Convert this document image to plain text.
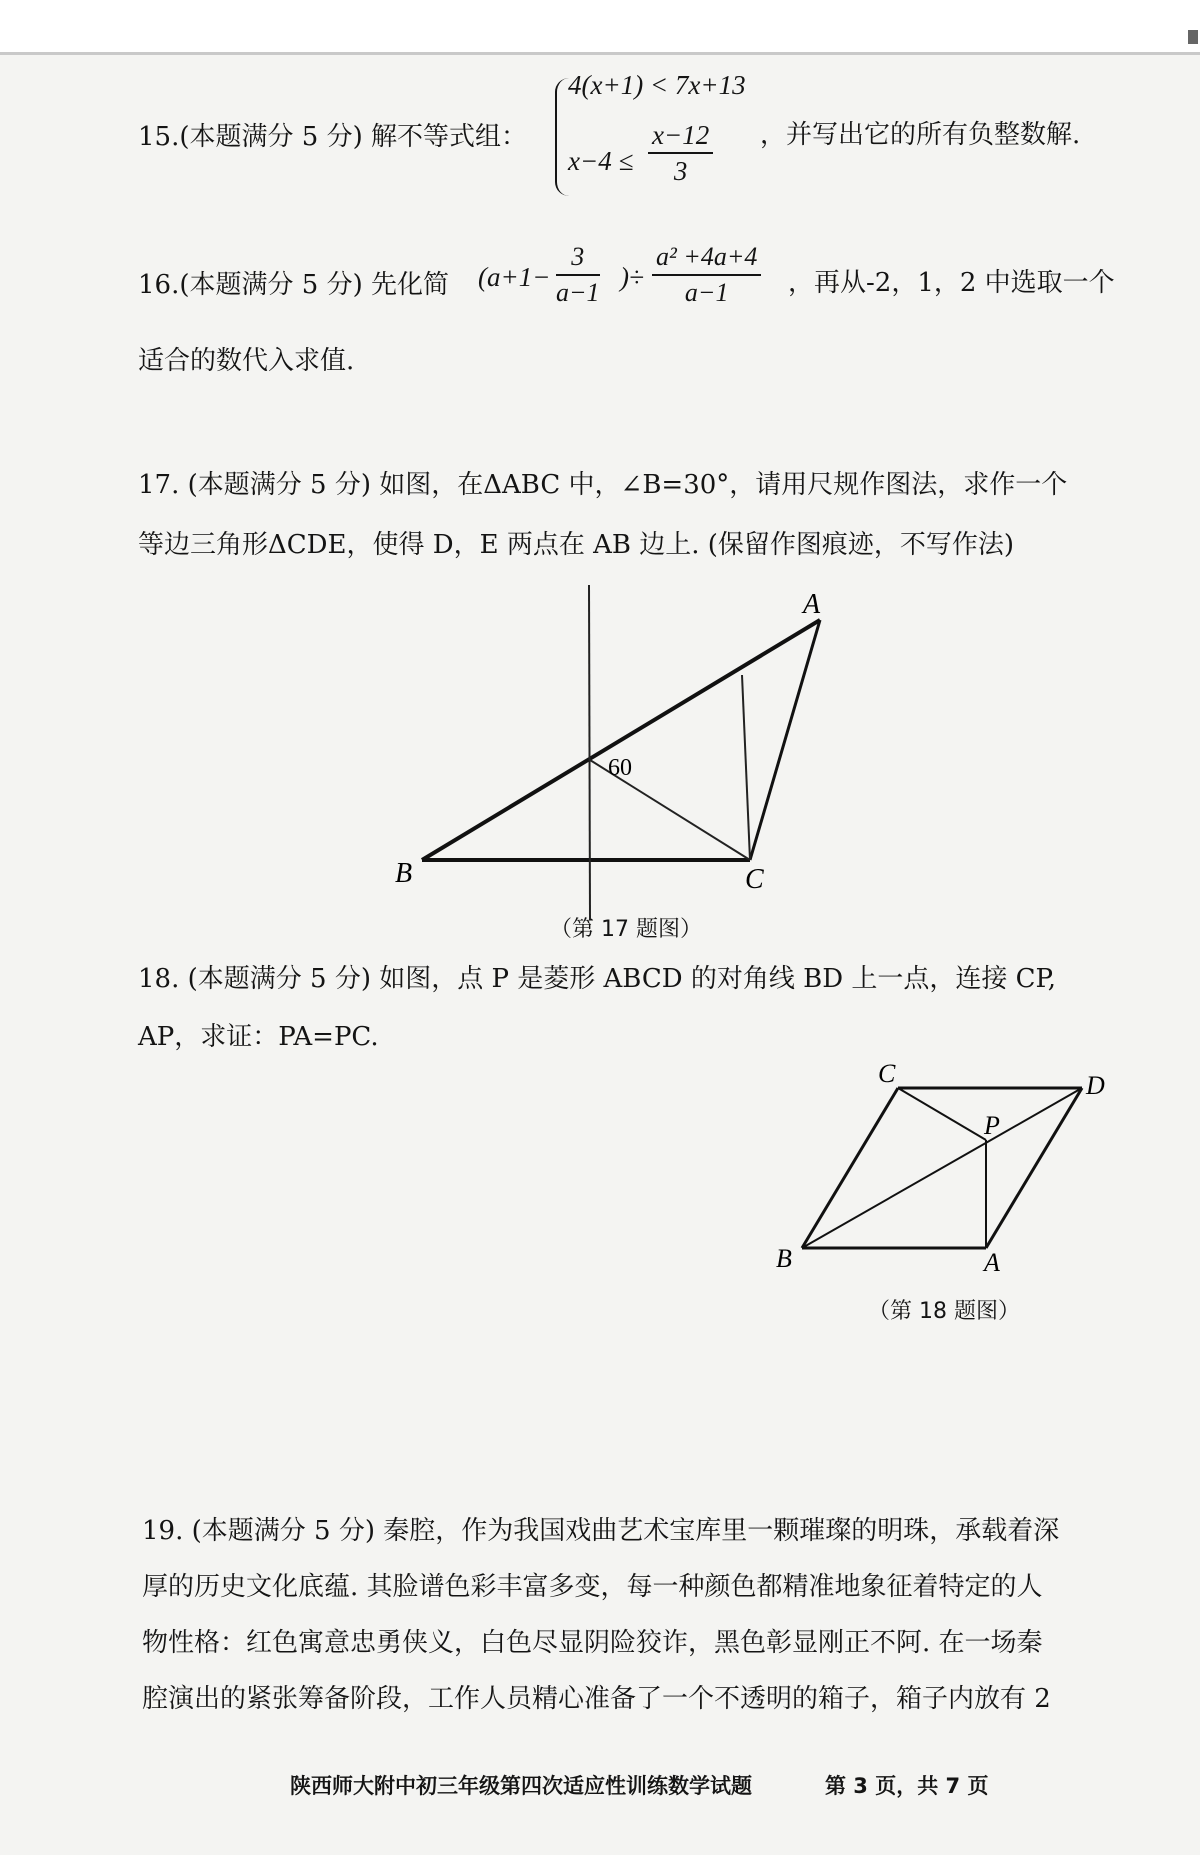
15.(本题满分 5 分) 解不等式组：
4(x+1) < 7x+13
$x-4 \le \frac{x-12}{3}$ ，并写出它的所有负整数解.
16.(本题满分 5 分) 先化简 ($a+1- \frac{3}{a-1}$ )÷ $\frac{\text{a² +4a+4}}{a-1}$ ，再从-2，1，2 中选取一个
适合的数代入求值.
17. (本题满分 5 分) 如图，在ΔABC 中，∠B=30°，请用尺规作图法，求作一个
等边三角形ΔCDE，使得 D，E 两点在 AB 边上. (保留作图痕迹，不写作法)
A
B	C
60
（第 17 题图）
18. (本题满分 5 分) 如图，点 P 是菱形 ABCD 的对角线 BD 上一点，连接 CP,
AP，求证：PA=PC.
C	D
P
B	A
（第 18 题图）
19. (本题满分 5 分) 秦腔，作为我国戏曲艺术宝库里一颗璀璨的明珠，承载着深
厚的历史文化底蕴. 其脸谱色彩丰富多变，每一种颜色都精准地象征着特定的人
物性格：红色寓意忠勇侠义，白色尽显阴险狡诈，黑色彰显刚正不阿. 在一场秦
腔演出的紧张筹备阶段，工作人员精心准备了一个不透明的箱子，箱子内放有 2
陕西师大附中初三年级第四次适应性训练数学试题	第 3 页，共 7 页
